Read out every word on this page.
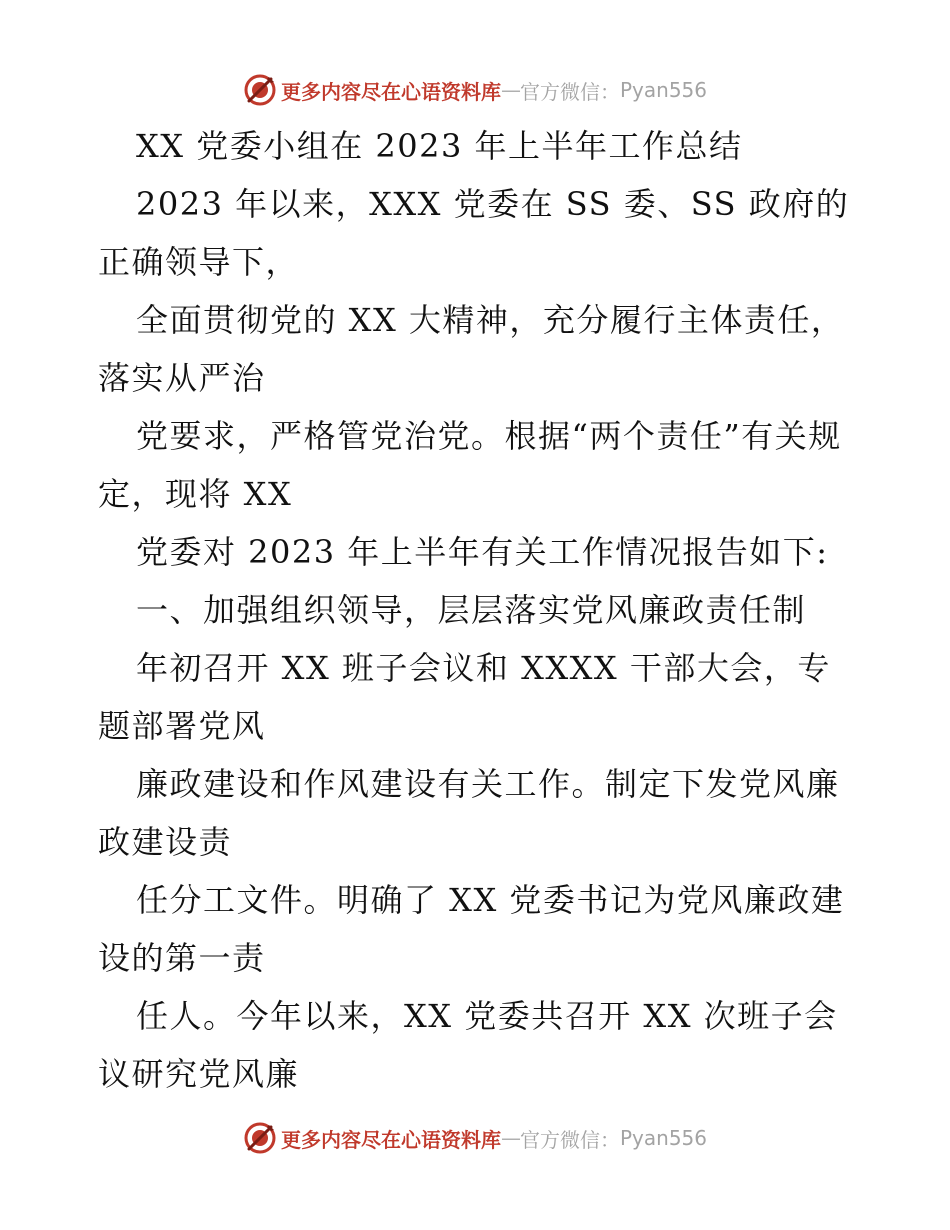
更多内容尽在心语资料库 — 官方微信： Pyan556

XX 党委小组在 2023 年上半年工作总结

2023 年以来，XXX 党委在 SS 委、SS 政府的正确领导下，

全面贯彻党的 XX 大精神，充分履行主体责任，落实从严治

党要求，严格管党治党。根据“两个责任”有关规定，现将 XX

党委对 2023 年上半年有关工作情况报告如下:

一、加强组织领导，层层落实党风廉政责任制

年初召开 XX 班子会议和 XXXX 干部大会，专题部署党风

廉政建设和作风建设有关工作。制定下发党风廉政建设责

任分工文件。明确了 XX 党委书记为党风廉政建设的第一责

任人。今年以来，XX 党委共召开 XX 次班子会议研究党风廉

更多内容尽在心语资料库 — 官方微信： Pyan556
